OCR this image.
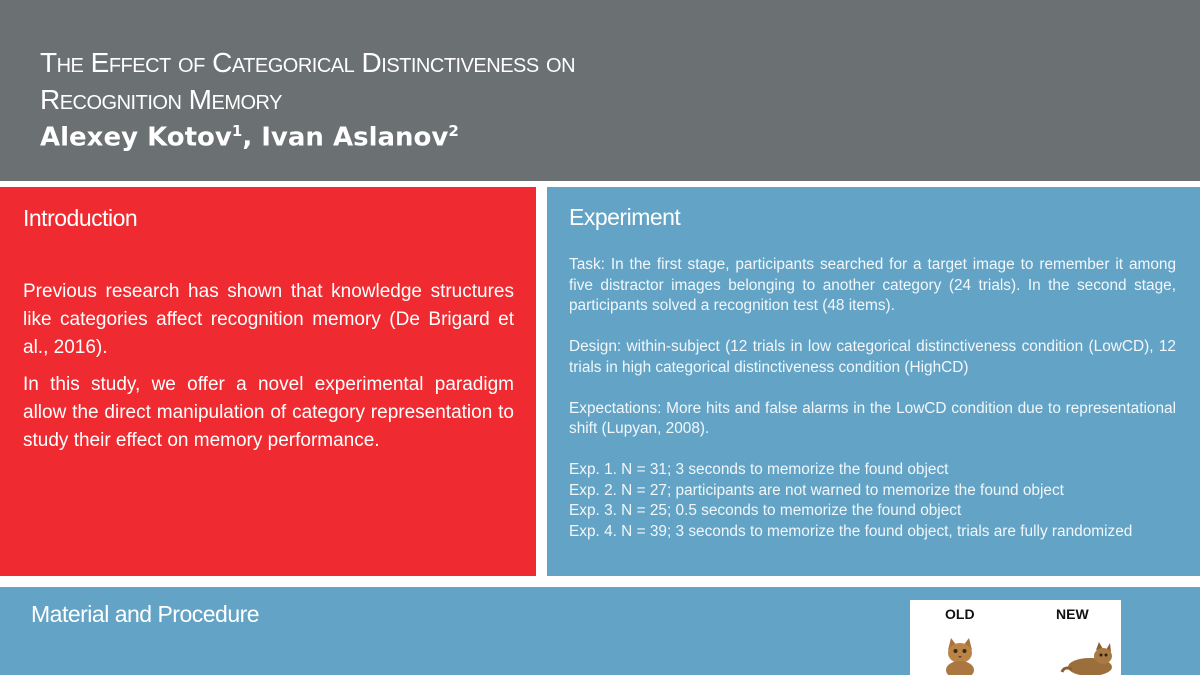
The Effect of Categorical Distinctiveness on
Recognition Memory
Alexey Kotov$^1$, Ivan Aslanov$^2$
Introduction

Previous research has shown that knowledge structures like categories affect recognition memory (De Brigard et al., 2016).

In this study, we offer a novel experimental paradigm allow the direct manipulation of category representation to study their effect on memory performance.

Experiment

Task: In the first stage, participants searched for a target image to remember it among five distractor images belonging to another category (24 trials). In the second stage, participants solved a recognition test (48 items).

Design: within-subject (12 trials in low categorical distinctiveness condition (LowCD), 12 trials in high categorical distinctiveness condition (HighCD)

Expectations: More hits and false alarms in the LowCD condition due to representational shift (Lupyan, 2008).

Exp. 1. N = 31; 3 seconds to memorize the found object

Exp. 2. N = 27; participants are not warned to memorize the found object

Exp. 3. N = 25; 0.5 seconds to memorize the found object

Exp. 4. N = 39; 3 seconds to memorize the found object, trials are fully randomized

Material and Procedure	OLD	NEW
